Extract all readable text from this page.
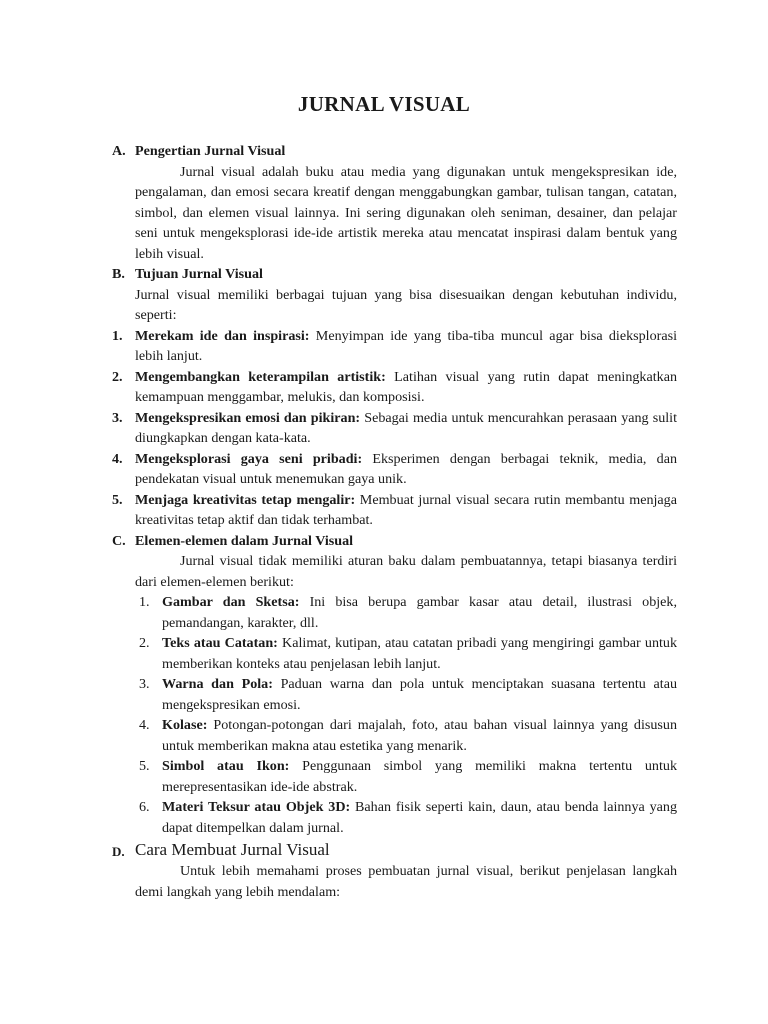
JURNAL VISUAL
A. Pengertian Jurnal Visual
Jurnal visual adalah buku atau media yang digunakan untuk mengekspresikan ide, pengalaman, dan emosi secara kreatif dengan menggabungkan gambar, tulisan tangan, catatan, simbol, dan elemen visual lainnya. Ini sering digunakan oleh seniman, desainer, dan pelajar seni untuk mengeksplorasi ide-ide artistik mereka atau mencatat inspirasi dalam bentuk yang lebih visual.
B. Tujuan Jurnal Visual
Jurnal visual memiliki berbagai tujuan yang bisa disesuaikan dengan kebutuhan individu, seperti:
1. Merekam ide dan inspirasi: Menyimpan ide yang tiba-tiba muncul agar bisa dieksplorasi lebih lanjut.
2. Mengembangkan keterampilan artistik: Latihan visual yang rutin dapat meningkatkan kemampuan menggambar, melukis, dan komposisi.
3. Mengekspresikan emosi dan pikiran: Sebagai media untuk mencurahkan perasaan yang sulit diungkapkan dengan kata-kata.
4. Mengeksplorasi gaya seni pribadi: Eksperimen dengan berbagai teknik, media, dan pendekatan visual untuk menemukan gaya unik.
5. Menjaga kreativitas tetap mengalir: Membuat jurnal visual secara rutin membantu menjaga kreativitas tetap aktif dan tidak terhambat.
C. Elemen-elemen dalam Jurnal Visual
Jurnal visual tidak memiliki aturan baku dalam pembuatannya, tetapi biasanya terdiri dari elemen-elemen berikut:
1. Gambar dan Sketsa: Ini bisa berupa gambar kasar atau detail, ilustrasi objek, pemandangan, karakter, dll.
2. Teks atau Catatan: Kalimat, kutipan, atau catatan pribadi yang mengiringi gambar untuk memberikan konteks atau penjelasan lebih lanjut.
3. Warna dan Pola: Paduan warna dan pola untuk menciptakan suasana tertentu atau mengekspresikan emosi.
4. Kolase: Potongan-potongan dari majalah, foto, atau bahan visual lainnya yang disusun untuk memberikan makna atau estetika yang menarik.
5. Simbol atau Ikon: Penggunaan simbol yang memiliki makna tertentu untuk merepresentasikan ide-ide abstrak.
6. Materi Teksur atau Objek 3D: Bahan fisik seperti kain, daun, atau benda lainnya yang dapat ditempelkan dalam jurnal.
D. Cara Membuat Jurnal Visual
Untuk lebih memahami proses pembuatan jurnal visual, berikut penjelasan langkah demi langkah yang lebih mendalam:
